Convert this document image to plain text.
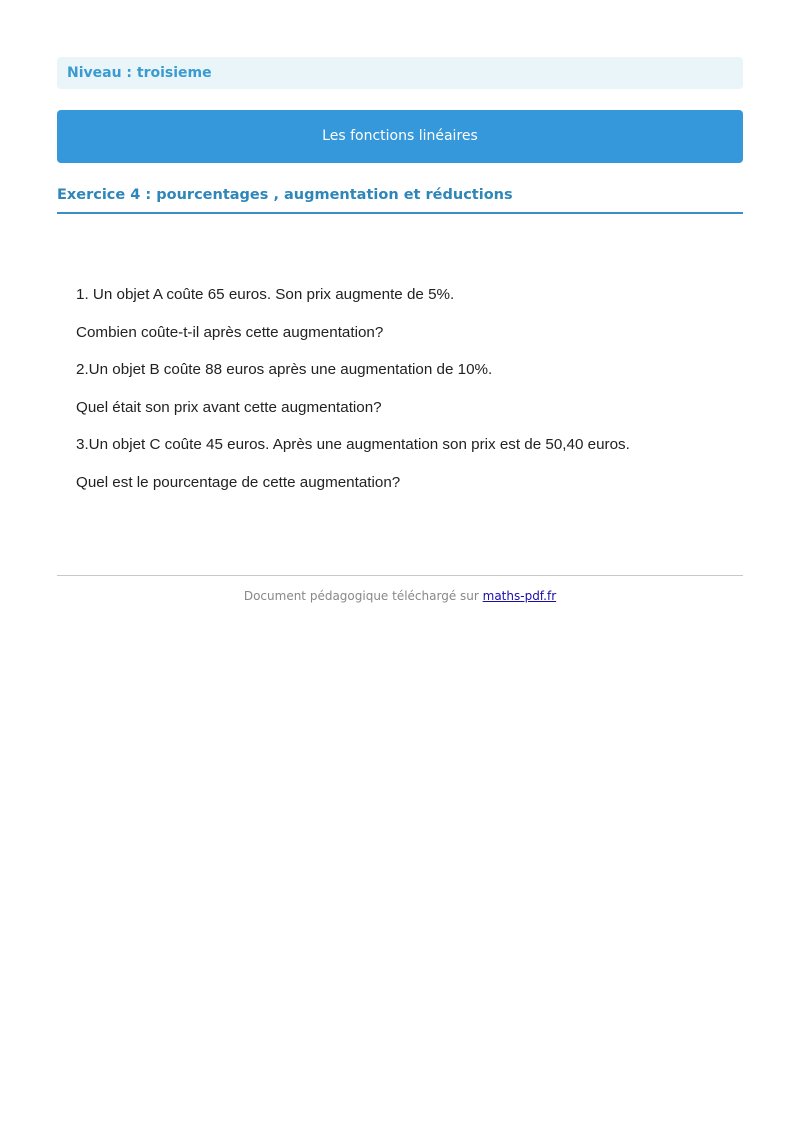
Niveau : troisieme
Les fonctions linéaires
Exercice 4 : pourcentages , augmentation et réductions

1. Un objet A coûte 65 euros. Son prix augmente de 5%.

Combien coûte-t-il après cette augmentation?

2.Un objet B coûte 88 euros après une augmentation de 10%.

Quel était son prix avant cette augmentation?

3.Un objet C coûte 45 euros. Après une augmentation son prix est de 50,40 euros.

Quel est le pourcentage de cette augmentation?

Document pédagogique téléchargé sur maths-pdf.fr
